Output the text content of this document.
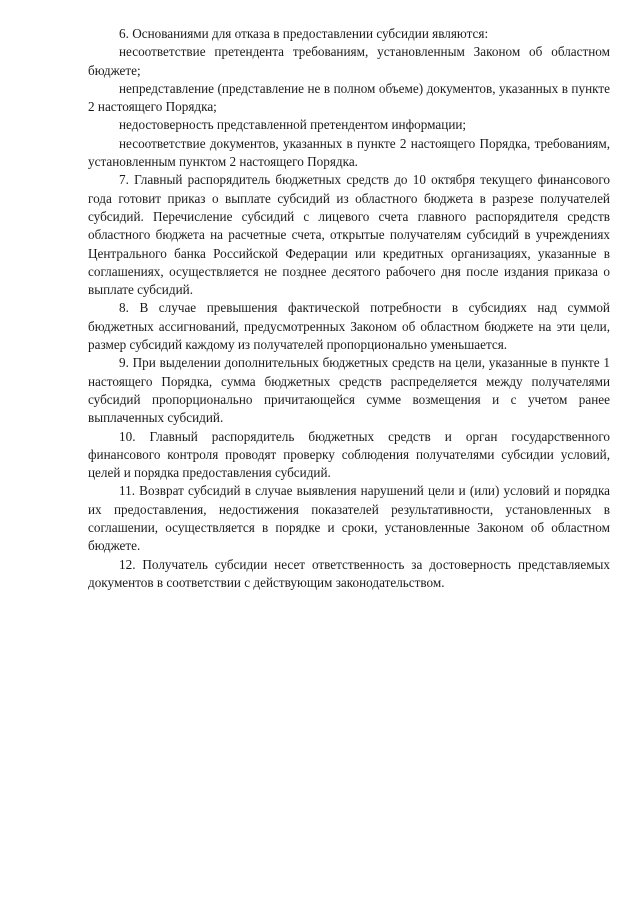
6. Основаниями для отказа в предоставлении субсидии являются:

несоответствие претендента требованиям, установленным Законом об областном бюджете;

непредставление (представление не в полном объеме) документов, указанных в пункте 2 настоящего Порядка;

недостоверность представленной претендентом информации;

несоответствие документов, указанных в пункте 2 настоящего Порядка, требованиям, установленным пунктом 2 настоящего Порядка.

7. Главный распорядитель бюджетных средств до 10 октября текущего финансового года готовит приказ о выплате субсидий из областного бюджета в разрезе получателей субсидий. Перечисление субсидий с лицевого счета главного распорядителя средств областного бюджета на расчетные счета, открытые получателям субсидий в учреждениях Центрального банка Российской Федерации или кредитных организациях, указанные в соглашениях, осуществляется не позднее десятого рабочего дня после издания приказа о выплате субсидий.

8. В случае превышения фактической потребности в субсидиях над суммой бюджетных ассигнований, предусмотренных Законом об областном бюджете на эти цели, размер субсидий каждому из получателей пропорционально уменьшается.

9. При выделении дополнительных бюджетных средств на цели, указанные в пункте 1 настоящего Порядка, сумма бюджетных средств распределяется между получателями субсидий пропорционально причитающейся сумме возмещения и с учетом ранее выплаченных субсидий.

10. Главный распорядитель бюджетных средств и орган государственного финансового контроля проводят проверку соблюдения получателями субсидии условий, целей и порядка предоставления субсидий.

11. Возврат субсидий в случае выявления нарушений цели и (или) условий и порядка их предоставления, недостижения показателей результативности, установленных в соглашении, осуществляется в порядке и сроки, установленные Законом об областном бюджете.

12. Получатель субсидии несет ответственность за достоверность представляемых документов в соответствии с действующим законодательством.
